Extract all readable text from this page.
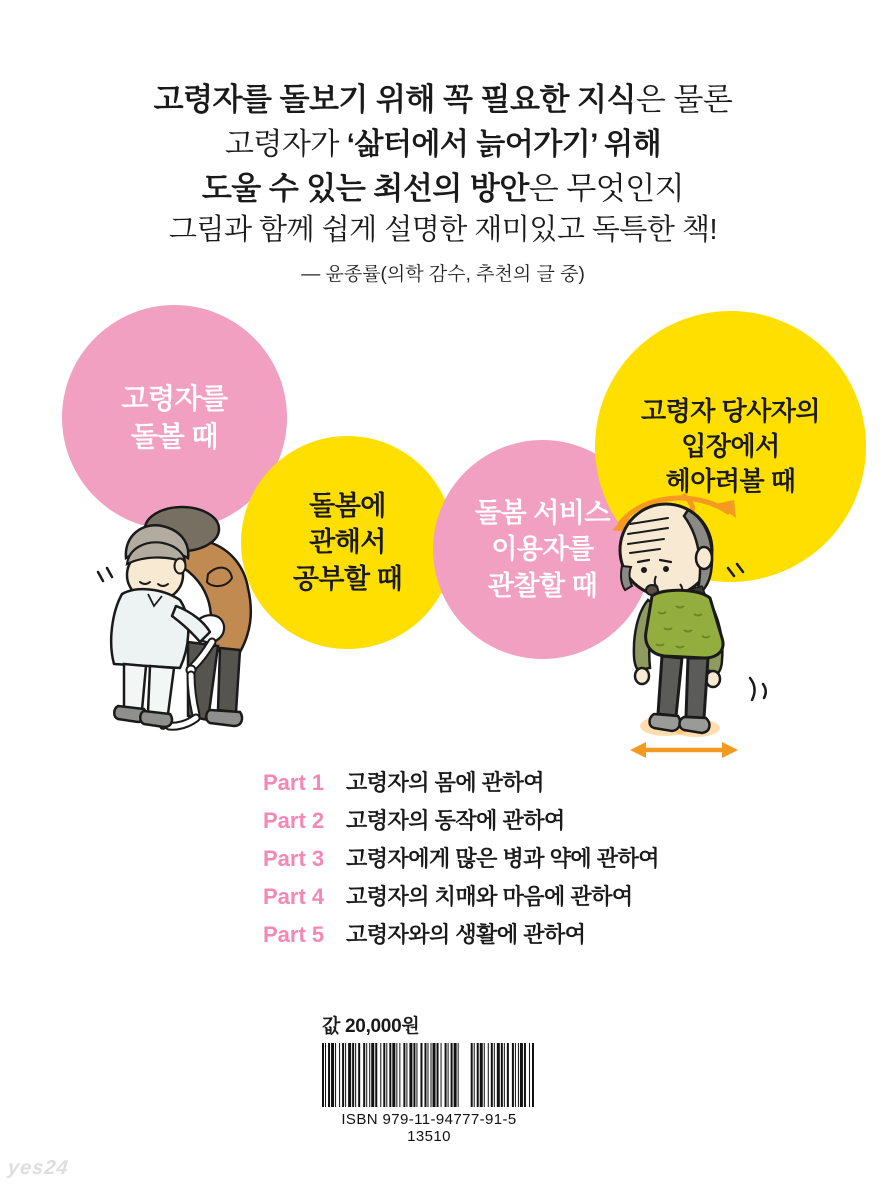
고령자를 돌보기 위해 꼭 필요한 지식은 물론
고령자가 ‘삶터에서 늙어가기’ 위해
도울 수 있는 최선의 방안은 무엇인지
그림과 함께 쉽게 설명한 재미있고 독특한 책!
— 윤종률(의학 감수, 추천의 글 중)
고령자를
돌볼 때
돌봄에
관해서
공부할 때
돌봄 서비스
이용자를
관찰할 때
고령자 당사자의
입장에서
헤아려볼 때
Part 1 고령자의 몸에 관하여
Part 2 고령자의 동작에 관하여
Part 3 고령자에게 많은 병과 약에 관하여
Part 4 고령자의 치매와 마음에 관하여
Part 5 고령자와의 생활에 관하여
값 20,000원
ISBN 979-11-94777-91-5 13510
yes24
